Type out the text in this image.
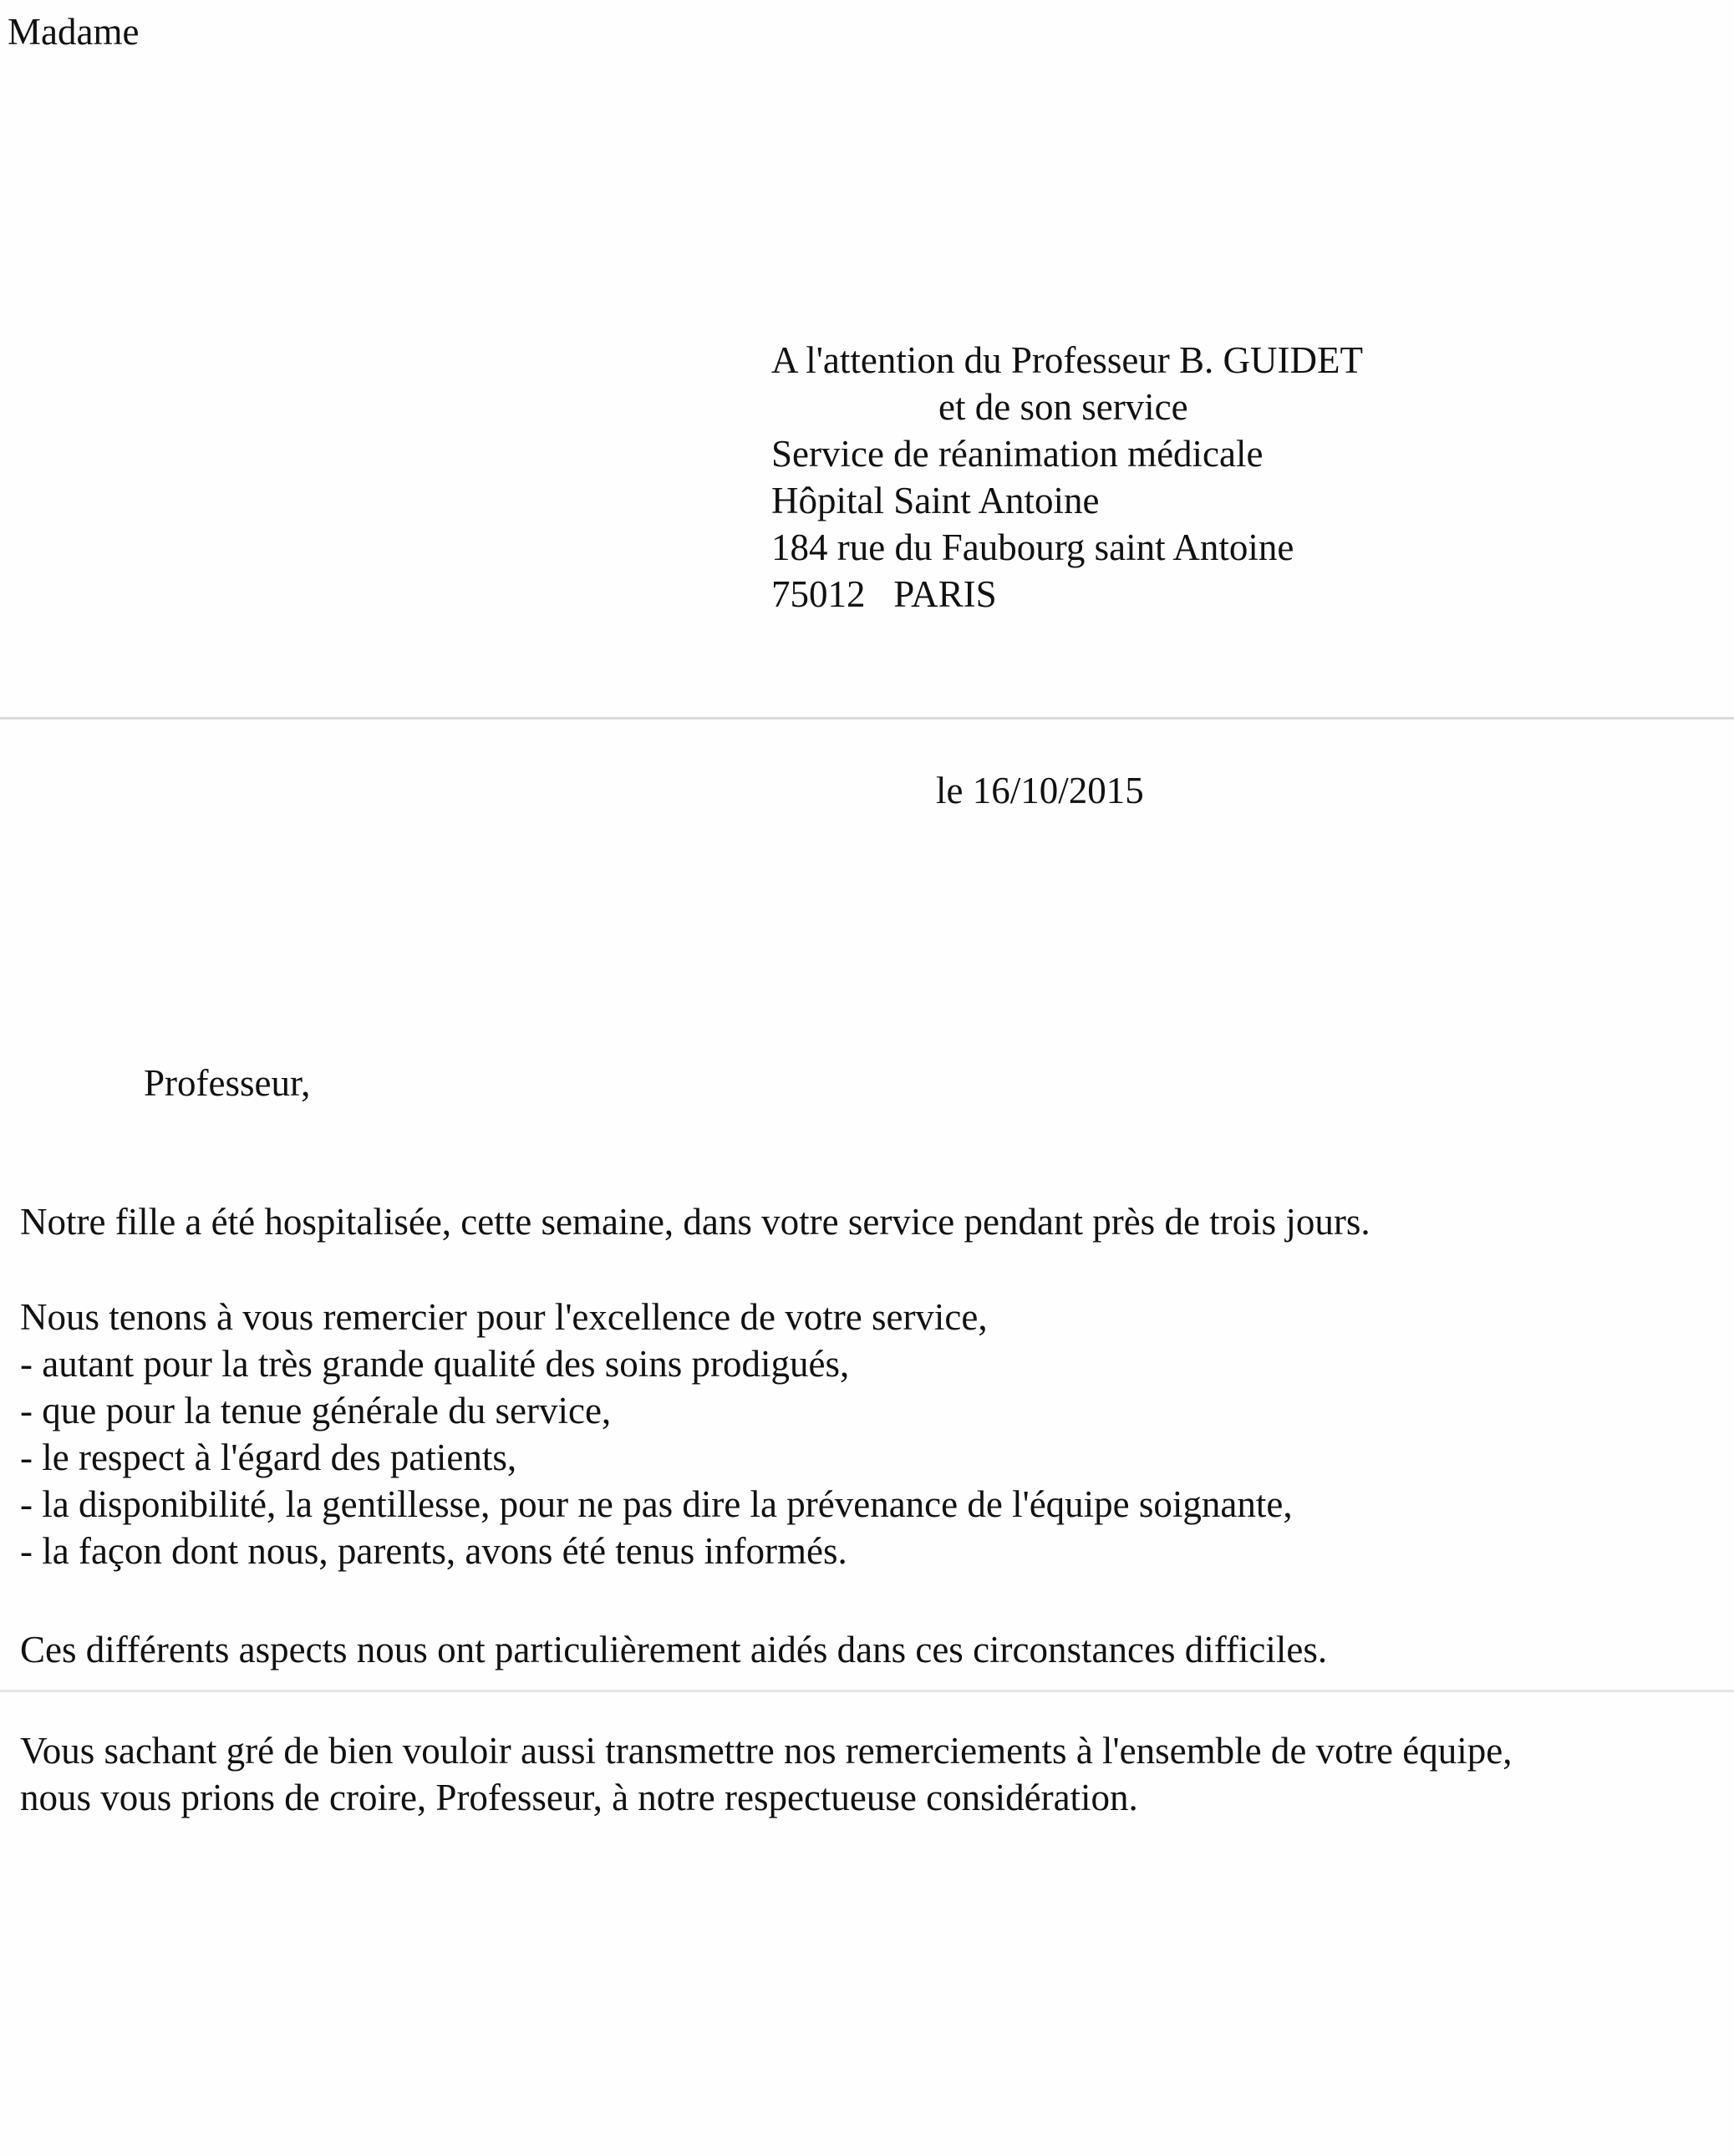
Madame
A l'attention du Professeur B. GUIDET
et de son service
Service de réanimation médicale
Hôpital Saint Antoine
184 rue du Faubourg saint Antoine
75012   PARIS
le 16/10/2015
Professeur,
Notre fille a été hospitalisée, cette semaine, dans votre service pendant près de trois jours.
Nous tenons à vous remercier pour l'excellence de votre service,
- autant pour la très grande qualité des soins prodigués,
- que pour la tenue générale du service,
- le respect à l'égard des patients,
- la disponibilité, la gentillesse, pour ne pas dire la prévenance de l'équipe soignante,
- la façon dont nous, parents, avons été tenus informés.
Ces différents aspects nous ont particulièrement aidés dans ces circonstances difficiles.
Vous sachant gré de bien vouloir aussi transmettre nos remerciements à l'ensemble de votre équipe,
nous vous prions de croire, Professeur, à notre respectueuse considération.
